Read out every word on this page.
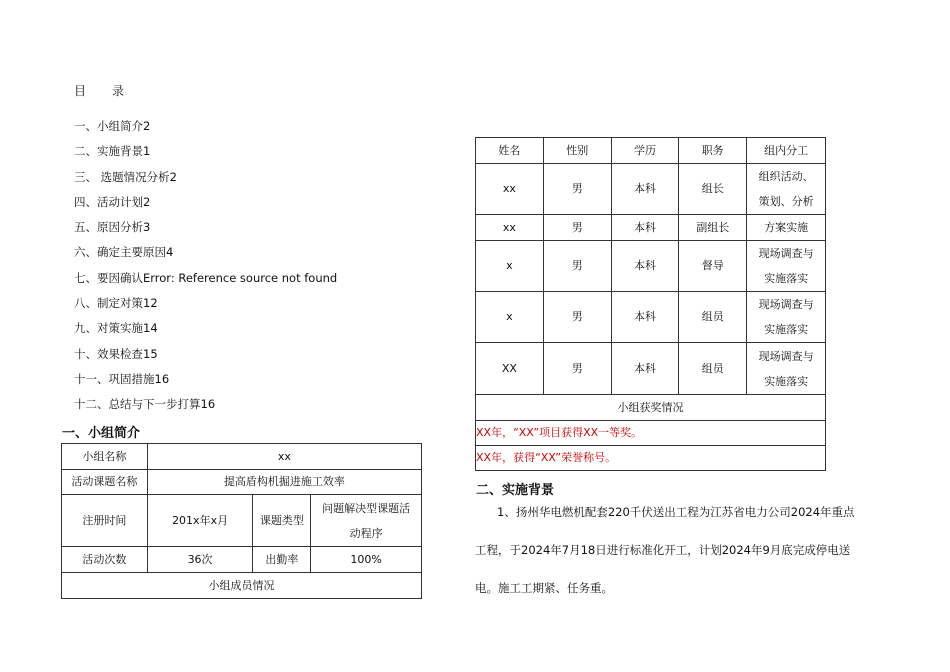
目 录
一、小组简介2
二、实施背景1
三、 选题情况分析2
四、活动计划2
五、原因分析3
六、确定主要原因4
七、要因确认Error: Reference source not found
八、制定对策12
九、对策实施14
十、效果检查15
十一、巩固措施16
十二、总结与下一步打算16
一、小组简介
小组名称	xx		
活动课题名称	提高盾构机掘进施工效率		
注册时间	201x年x月	课题类型	问题解决型课题活
动程序

活动次数	36次	出勤率	100%
小组成员情况			
姓名	性别	学历	职务	组内分工
xx	男	本科	组长	组织活动、
策划、分析

xx	男	本科	副组长	方案实施
x	男	本科	督导	现场调查与
实施落实

x	男	本科	组员	现场调查与
实施落实

XX	男	本科	组员	现场调查与
实施落实

小组获奖情况				
XX年，“XX”项目获得XX一等奖。				
XX年，获得“XX”荣誉称号。				
二、实施背景
1、扬州华电燃机配套220千伏送出工程为江苏省电力公司2024年重点
工程，于2024年7月18日进行标准化开工，计划2024年9月底完成停电送
电。施工工期紧、任务重。
